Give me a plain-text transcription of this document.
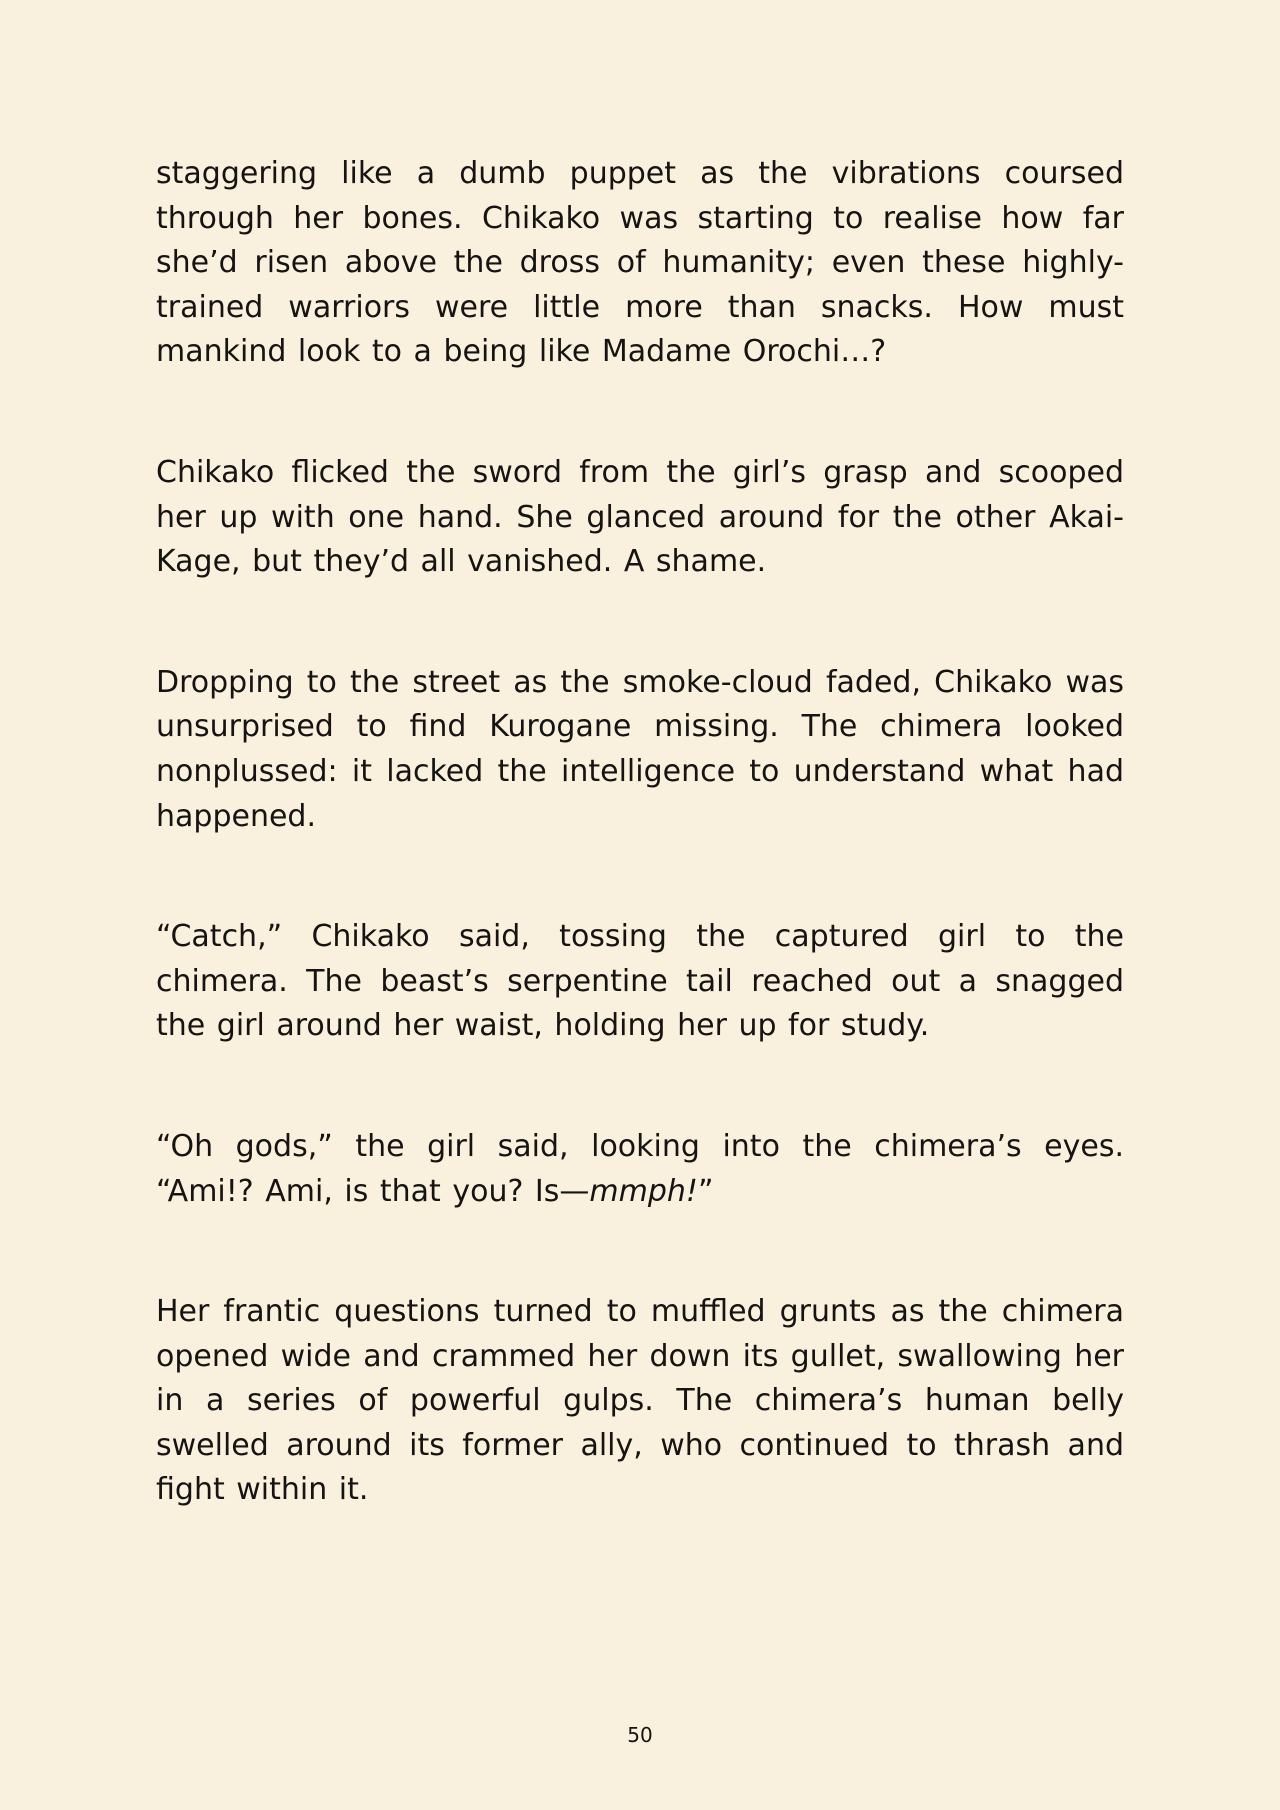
staggering like a dumb puppet as the vibrations coursed through her bones. Chikako was starting to realise how far she’d risen above the dross of humanity; even these highly-trained warriors were little more than snacks. How must mankind look to a being like Madame Orochi…?

Chikako flicked the sword from the girl’s grasp and scooped her up with one hand. She glanced around for the other Akai-Kage, but they’d all vanished. A shame.

Dropping to the street as the smoke-cloud faded, Chikako was unsurprised to find Kurogane missing. The chimera looked nonplussed: it lacked the intelligence to understand what had happened.

“Catch,” Chikako said, tossing the captured girl to the chimera. The beast’s serpentine tail reached out a snagged the girl around her waist, holding her up for study.

“Oh gods,” the girl said, looking into the chimera’s eyes. “Ami!? Ami, is that you? Is—mmph!”

Her frantic questions turned to muffled grunts as the chimera opened wide and crammed her down its gullet, swallowing her in a series of powerful gulps. The chimera’s human belly swelled around its former ally, who continued to thrash and fight within it.

50
